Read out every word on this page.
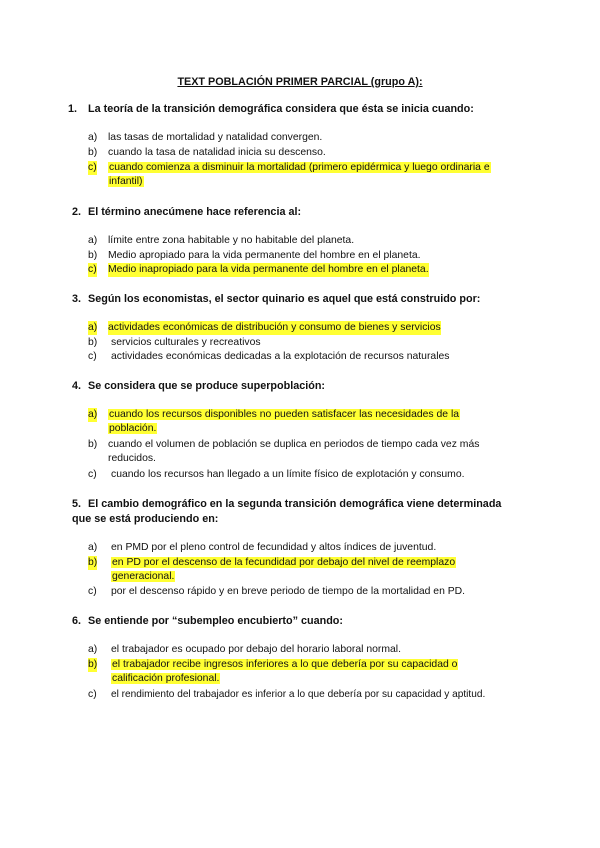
TEXT POBLACIÓN PRIMER PARCIAL (grupo A):
1. La teoría de la transición demográfica considera que ésta se inicia cuando:
a) las tasas de mortalidad y natalidad convergen.
b) cuando la tasa de natalidad inicia su descenso.
c) cuando comienza a disminuir la mortalidad (primero epidérmica y luego ordinaria e
infantil)
2. El término anecúmene hace referencia al:
a) límite entre zona habitable y no habitable del planeta.
b) Medio apropiado para la vida permanente del hombre en el planeta.
c) Medio inapropiado para la vida permanente del hombre en el planeta.
3. Según los economistas, el sector quinario es aquel que está construido por:
a) actividades económicas de distribución y consumo de bienes y servicios
b) servicios culturales y recreativos
c) actividades económicas dedicadas a la explotación de recursos naturales
4. Se considera que se produce superpoblación:
a) cuando los recursos disponibles no pueden satisfacer las necesidades de la
población.
b) cuando el volumen de población se duplica en periodos de tiempo cada vez más
reducidos.
c) cuando los recursos han llegado a un límite físico de explotación y consumo.
5. El cambio demográfico en la segunda transición demográfica viene determinada
que se está produciendo en:
a) en PMD por el pleno control de fecundidad y altos índices de juventud.
b) en PD por el descenso de la fecundidad por debajo del nivel de reemplazo
generacional.
c) por el descenso rápido y en breve periodo de tiempo de la mortalidad en PD.
6. Se entiende por “subempleo encubierto” cuando:
a) el trabajador es ocupado por debajo del horario laboral normal.
b) el trabajador recibe ingresos inferiores a lo que debería por su capacidad o
calificación profesional.
c) el rendimiento del trabajador es inferior a lo que debería por su capacidad y aptitud.
